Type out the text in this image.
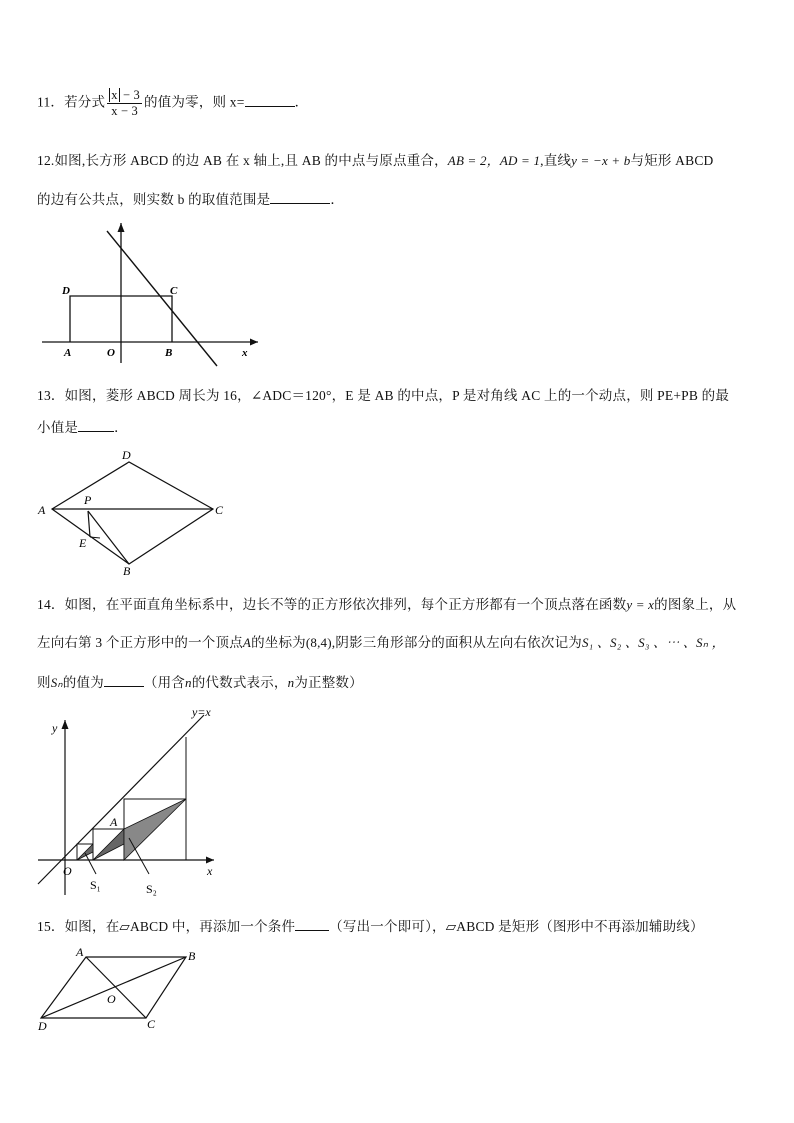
11．若分式 $\frac{x - 3}{x - 3}$ 的值为零，则 x=	．
12.如图,长方形 ABCD 的边 AB 在 x 轴上,且 AB 的中点与原点重合，AB = 2，AD = 1,直线y = −x + b与矩形 ABCD
的边有公共点，则实数 b 的取值范围是	．
D	C
A	O	B	x
D
A	C
P
E
B
y
y=x
A
O	x
S₁	S₂
A	B
C
D
O
13．如图，菱形 ABCD 周长为 16，∠ADC＝120°，E 是 AB 的中点，P 是对角线 AC 上的一个动点，则 PE+PB 的最
小值是	．
14．如图，在平面直角坐标系中，边长不等的正方形依次排列，每个正方形都有一个顶点落在函数y = x的图象上，从
左向右第 3 个正方形中的一个顶点A的坐标为(8,4),阴影三角形部分的面积从左向右依次记为S₁ 、S₂ 、S₃ 、⋯ 、Sₙ ，
则Sₙ的值为	（用含n的代数式表示，n为正整数）
15．如图，在▱ABCD 中，再添加一个条件	（写出一个即可），▱ABCD 是矩形（图形中不再添加辅助线）
